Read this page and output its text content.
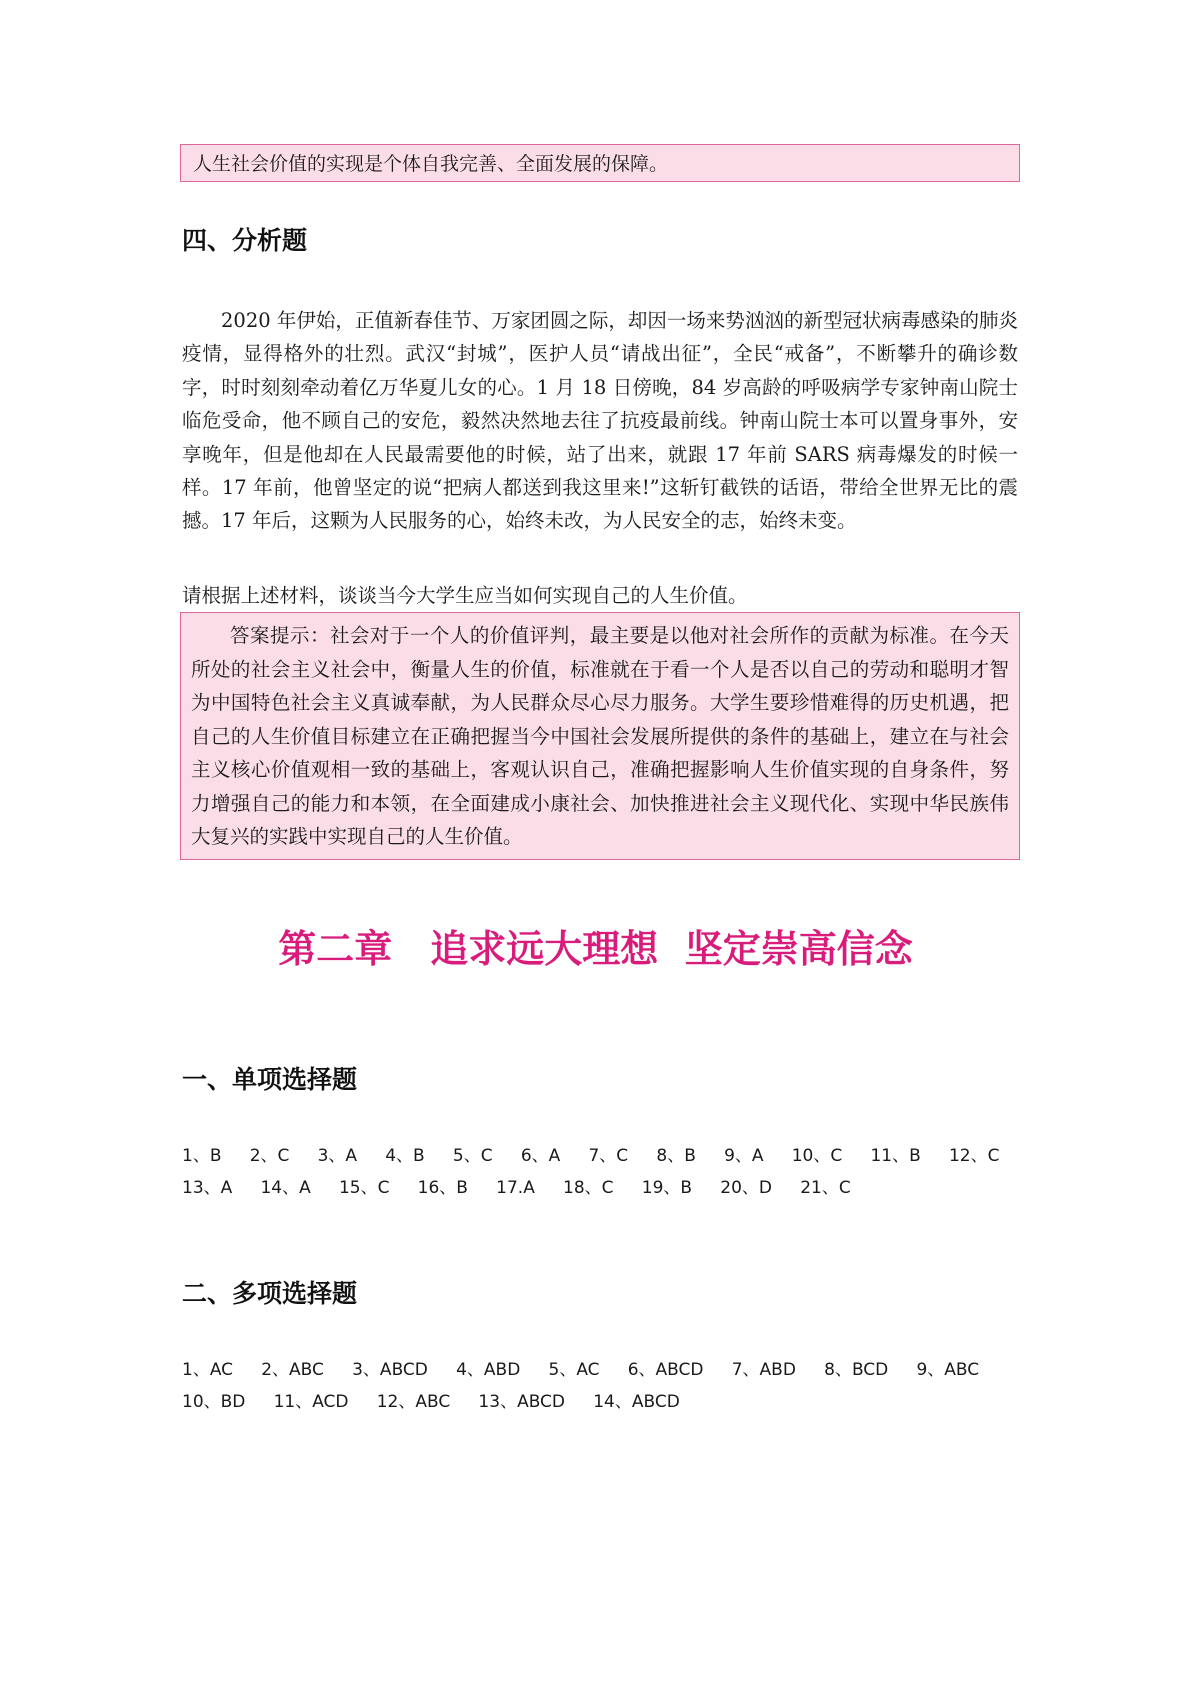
人生社会价值的实现是个体自我完善、全面发展的保障。
四、分析题

2020 年伊始，正值新春佳节、万家团圆之际，却因一场来势汹汹的新型冠状病毒感染的肺炎疫情，显得格外的壮烈。武汉“封城”，医护人员“请战出征”，全民“戒备”，不断攀升的确诊数字，时时刻刻牵动着亿万华夏儿女的心。1 月 18 日傍晚，84 岁高龄的呼吸病学专家钟南山院士临危受命，他不顾自己的安危，毅然决然地去往了抗疫最前线。钟南山院士本可以置身事外，安享晚年，但是他却在人民最需要他的时候，站了出来，就跟 17 年前 SARS 病毒爆发的时候一样。17 年前，他曾坚定的说“把病人都送到我这里来!”这斩钉截铁的话语，带给全世界无比的震撼。17 年后，这颗为人民服务的心，始终未改，为人民安全的志，始终未变。

请根据上述材料，谈谈当今大学生应当如何实现自己的人生价值。

答案提示：社会对于一个人的价值评判，最主要是以他对社会所作的贡献为标准。在今天所处的社会主义社会中，衡量人生的价值，标准就在于看一个人是否以自己的劳动和聪明才智为中国特色社会主义真诚奉献，为人民群众尽心尽力服务。大学生要珍惜难得的历史机遇，把自己的人生价值目标建立在正确把握当今中国社会发展所提供的条件的基础上，建立在与社会主义核心价值观相一致的基础上，客观认识自己，准确把握影响人生价值实现的自身条件，努力增强自己的能力和本领，在全面建成小康社会、加快推进社会主义现代化、实现中华民族伟大复兴的实践中实现自己的人生价值。

第二章　追求远大理想  坚定崇高信念
一、单项选择题

1、B   2、C   3、A   4、B   5、C   6、A   7、C   8、B   9、A   10、C   11、B   12、C   13、A   14、A   15、C   16、B   17.A   18、C   19、B   20、D   21、C

二、多项选择题

1、AC   2、ABC   3、ABCD   4、ABD   5、AC   6、ABCD   7、ABD   8、BCD   9、ABC   10、BD   11、ACD   12、ABC   13、ABCD   14、ABCD
